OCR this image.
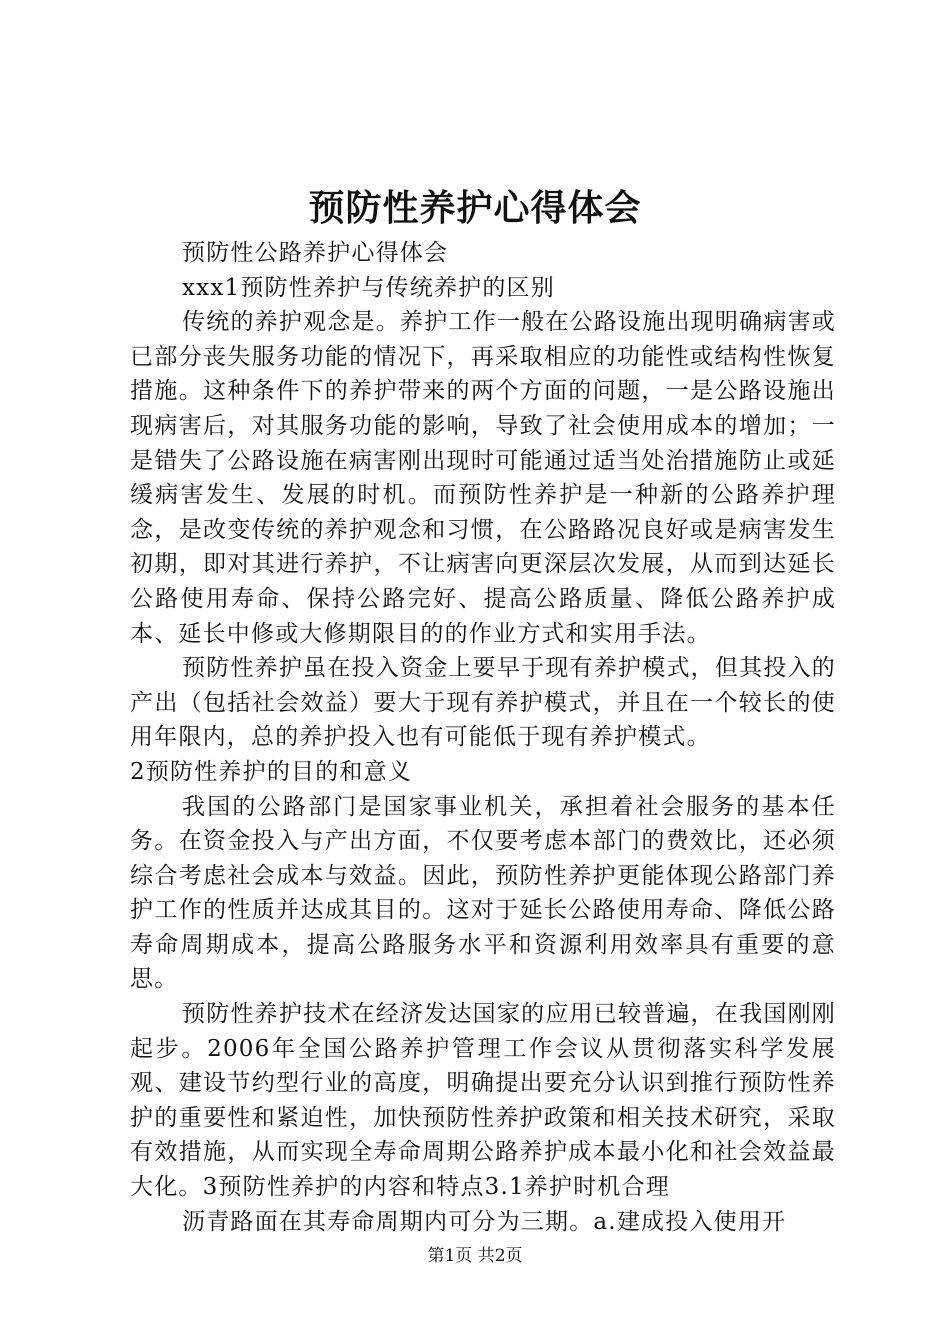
预防性养护心得体会

预防性公路养护心得体会

xxx1预防性养护与传统养护的区别

传统的养护观念是。养护工作一般在公路设施出现明确病害或已部分丧失服务功能的情况下，再采取相应的功能性或结构性恢复措施。这种条件下的养护带来的两个方面的问题，一是公路设施出现病害后，对其服务功能的影响，导致了社会使用成本的增加；一是错失了公路设施在病害刚出现时可能通过适当处治措施防止或延缓病害发生、发展的时机。而预防性养护是一种新的公路养护理念，是改变传统的养护观念和习惯，在公路路况良好或是病害发生初期，即对其进行养护，不让病害向更深层次发展，从而到达延长公路使用寿命、保持公路完好、提高公路质量、降低公路养护成本、延长中修或大修期限目的的作业方式和实用手法。

预防性养护虽在投入资金上要早于现有养护模式，但其投入的产出（包括社会效益）要大于现有养护模式，并且在一个较长的使用年限内，总的养护投入也有可能低于现有养护模式。

2预防性养护的目的和意义

我国的公路部门是国家事业机关，承担着社会服务的基本任务。在资金投入与产出方面，不仅要考虑本部门的费效比，还必须综合考虑社会成本与效益。因此，预防性养护更能体现公路部门养护工作的性质并达成其目的。这对于延长公路使用寿命、降低公路寿命周期成本，提高公路服务水平和资源利用效率具有重要的意思。

预防性养护技术在经济发达国家的应用已较普遍，在我国刚刚起步。2006年全国公路养护管理工作会议从贯彻落实科学发展观、建设节约型行业的高度，明确提出要充分认识到推行预防性养护的重要性和紧迫性，加快预防性养护政策和相关技术研究，采取有效措施，从而实现全寿命周期公路养护成本最小化和社会效益最大化。3预防性养护的内容和特点3.1养护时机合理

沥青路面在其寿命周期内可分为三期。a.建成投入使用开

第1页 共2页
